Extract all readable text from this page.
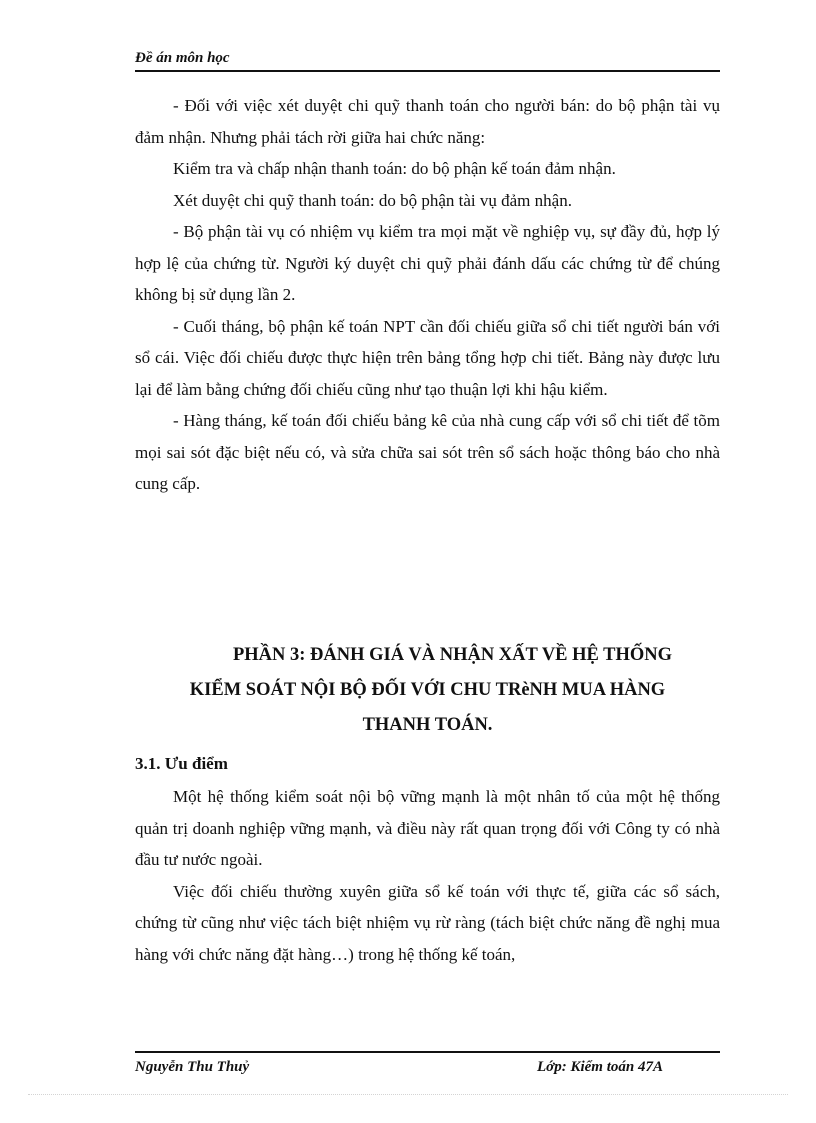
Đề án môn học

- Đối với việc xét duyệt chi quỹ thanh toán cho người bán: do bộ phận tài vụ đảm nhận. Nhưng phải tách rời giữa hai chức năng:

Kiểm tra và chấp nhận thanh toán: do bộ phận kế toán đảm nhận.

Xét duyệt chi quỹ thanh toán: do bộ phận tài vụ đảm nhận.

- Bộ phận tài vụ có nhiệm vụ kiểm tra mọi mặt về nghiệp vụ, sự đầy đủ, hợp lý hợp lệ của chứng từ. Người ký duyệt chi quỹ phải đánh dấu các chứng từ để chúng không bị sử dụng lần 2.

- Cuối tháng, bộ phận kế toán NPT cần đối chiếu giữa sổ chi tiết người bán với sổ cái. Việc đối chiếu được thực hiện trên bảng tổng hợp chi tiết. Bảng này được lưu lại để làm bằng chứng đối chiếu cũng như tạo thuận lợi khi hậu kiểm.

- Hàng tháng, kế toán đối chiếu bảng kê của nhà cung cấp với sổ chi tiết để tõm mọi sai sót đặc biệt nếu có, và sửa chữa sai sót trên sổ sách hoặc thông báo cho nhà cung cấp.

PHẦN 3: ĐÁNH GIÁ VÀ NHẬN XẤT VỀ HỆ THỐNG
KIỂM SOÁT NỘI BỘ ĐỐI VỚI CHU TRèNH MUA HÀNG
THANH TOÁN.
3.1. Ưu điểm

Một hệ thống kiểm soát nội bộ vững mạnh là một nhân tố của một hệ thống quản trị doanh nghiệp vững mạnh, và điều này rất quan trọng đối với Công ty có nhà đầu tư nước ngoài.

Việc đối chiếu thường xuyên giữa sổ kế toán với thực tế, giữa các sổ sách, chứng từ cũng như việc tách biệt nhiệm vụ rừ ràng (tách biệt chức năng đề nghị mua hàng với chức năng đặt hàng…) trong hệ thống kế toán,

Nguyễn Thu Thuỷ	Lớp: Kiểm toán 47A
